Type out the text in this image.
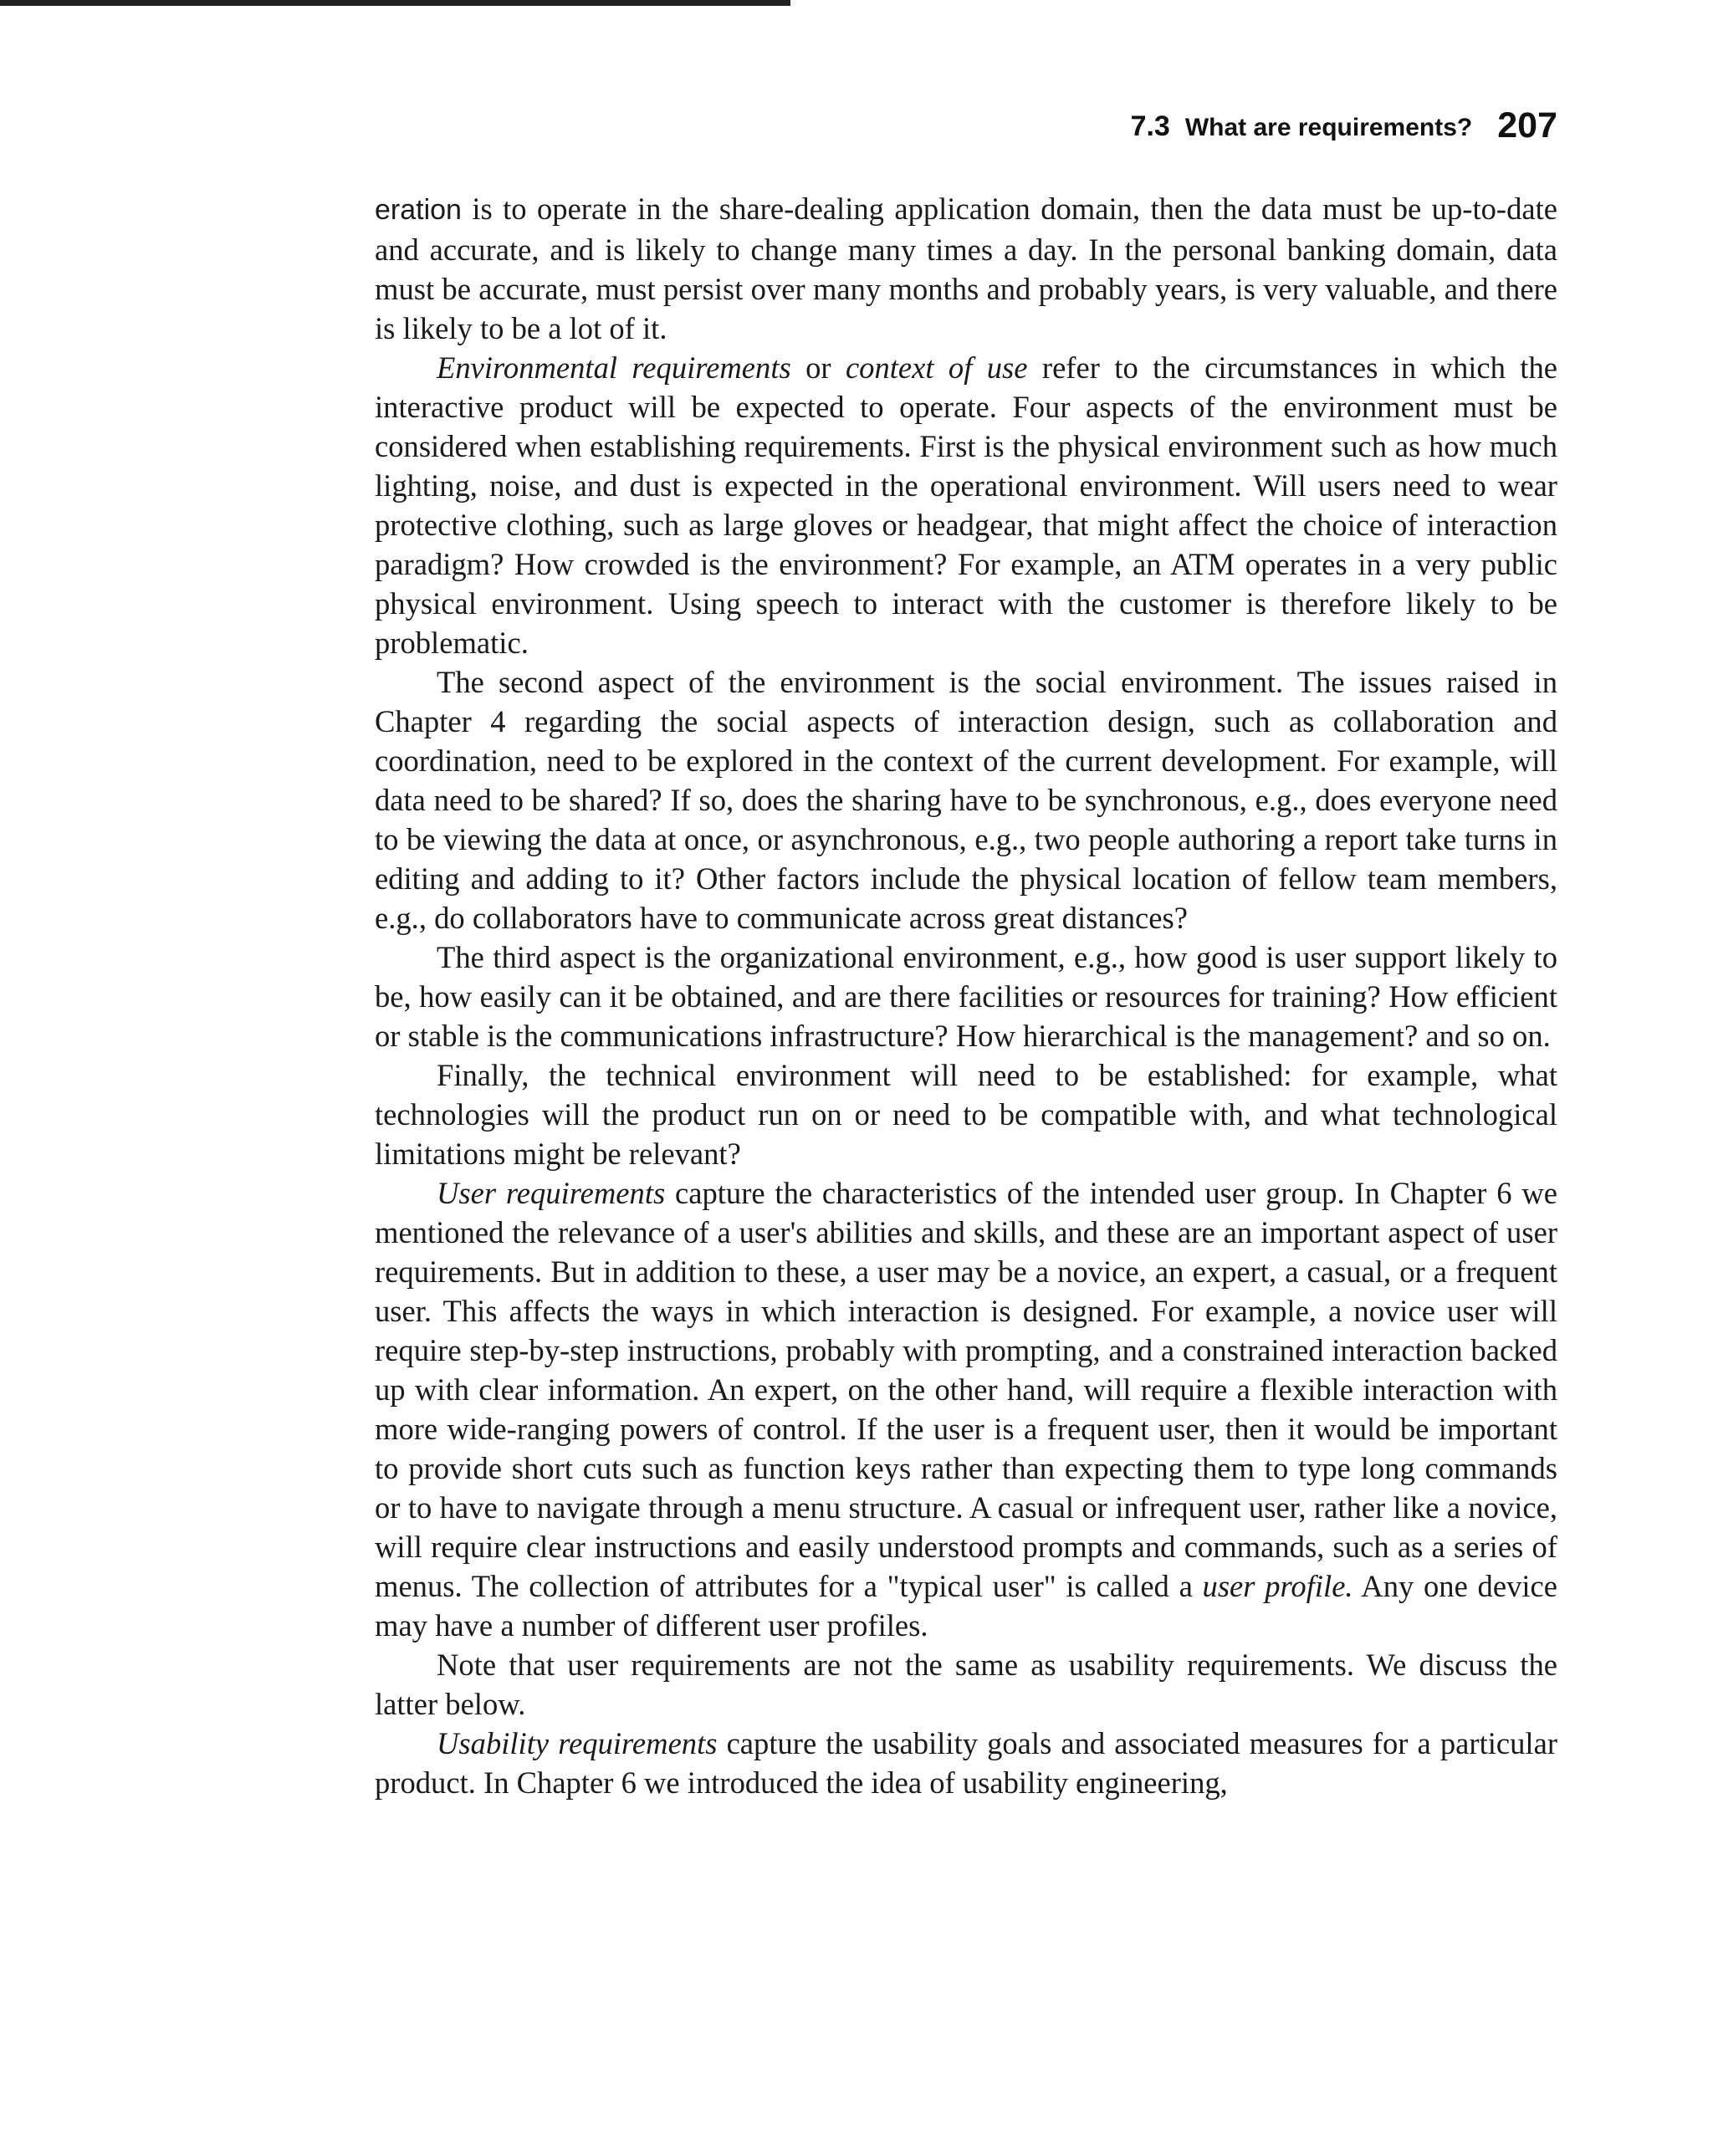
7.3 What are requirements? 207

eration is to operate in the share-dealing application domain, then the data must be up-to-date and accurate, and is likely to change many times a day. In the personal banking domain, data must be accurate, must persist over many months and probably years, is very valuable, and there is likely to be a lot of it.

Environmental requirements or context of use refer to the circumstances in which the interactive product will be expected to operate. Four aspects of the environment must be considered when establishing requirements. First is the physical environment such as how much lighting, noise, and dust is expected in the operational environment. Will users need to wear protective clothing, such as large gloves or headgear, that might affect the choice of interaction paradigm? How crowded is the environment? For example, an ATM operates in a very public physical environment. Using speech to interact with the customer is therefore likely to be problematic.

The second aspect of the environment is the social environment. The issues raised in Chapter 4 regarding the social aspects of interaction design, such as collaboration and coordination, need to be explored in the context of the current development. For example, will data need to be shared? If so, does the sharing have to be synchronous, e.g., does everyone need to be viewing the data at once, or asynchronous, e.g., two people authoring a report take turns in editing and adding to it? Other factors include the physical location of fellow team members, e.g., do collaborators have to communicate across great distances?

The third aspect is the organizational environment, e.g., how good is user support likely to be, how easily can it be obtained, and are there facilities or resources for training? How efficient or stable is the communications infrastructure? How hierarchical is the management? and so on.

Finally, the technical environment will need to be established: for example, what technologies will the product run on or need to be compatible with, and what technological limitations might be relevant?

User requirements capture the characteristics of the intended user group. In Chapter 6 we mentioned the relevance of a user's abilities and skills, and these are an important aspect of user requirements. But in addition to these, a user may be a novice, an expert, a casual, or a frequent user. This affects the ways in which interaction is designed. For example, a novice user will require step-by-step instructions, probably with prompting, and a constrained interaction backed up with clear information. An expert, on the other hand, will require a flexible interaction with more wide-ranging powers of control. If the user is a frequent user, then it would be important to provide short cuts such as function keys rather than expecting them to type long commands or to have to navigate through a menu structure. A casual or infrequent user, rather like a novice, will require clear instructions and easily understood prompts and commands, such as a series of menus. The collection of attributes for a "typical user" is called a user profile. Any one device may have a number of different user profiles.

Note that user requirements are not the same as usability requirements. We discuss the latter below.

Usability requirements capture the usability goals and associated measures for a particular product. In Chapter 6 we introduced the idea of usability engineering,
